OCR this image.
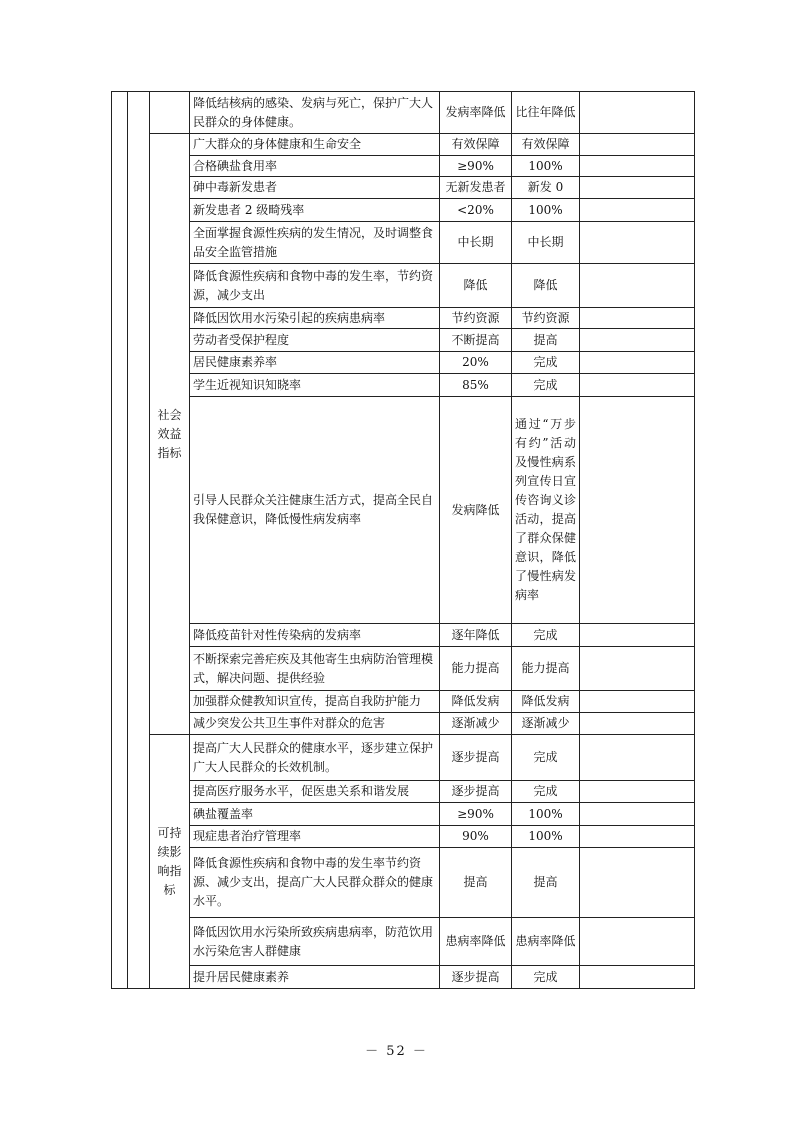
			降低结核病的感染、发病与死亡，保护广大人民群众的身体健康。	发病率降低	比往年降低	

		社会效益指标	广大群众的身体健康和生命安全	有效保障	有效保障	
			合格碘盐食用率	≥90%	100%	
			砷中毒新发患者	无新发患者	新发 0	
			新发患者 2 级畸残率	<20%	100%	
			全面掌握食源性疾病的发生情况，及时调整食品安全监管措施	中长期	中长期	
			降低食源性疾病和食物中毒的发生率，节约资源，减少支出	降低	降低	
			降低因饮用水污染引起的疾病患病率	节约资源	节约资源	
			劳动者受保护程度	不断提高	提高	
			居民健康素养率	20%	完成	
			学生近视知识知晓率	85%	完成	
			引导人民群众关注健康生活方式，提高全民自我保健意识，降低慢性病发病率	发病降低	通过“万步有约”活动及慢性病系列宣传日宣传咨询义诊活动，提高了群众保健意识，降低了慢性病发病率	
			降低疫苗针对性传染病的发病率	逐年降低	完成	
			不断探索完善疟疾及其他寄生虫病防治管理模式，解决问题、提供经验	能力提高	能力提高	
			加强群众健教知识宣传，提高自我防护能力	降低发病	降低发病	
			减少突发公共卫生事件对群众的危害	逐渐减少	逐渐减少	

		可持续影响指标	提高广大人民群众的健康水平，逐步建立保护广大人民群众的长效机制。	逐步提高	完成	
			提高医疗服务水平，促医患关系和谐发展	逐步提高	完成	
			碘盐覆盖率	≥90%	100%	
			现症患者治疗管理率	90%	100%	
			降低食源性疾病和食物中毒的发生率节约资源、减少支出，提高广大人民群众群众的健康水平。	提高	提高	
			降低因饮用水污染所致疾病患病率，防范饮用水污染危害人群健康	患病率降低	患病率降低	
			提升居民健康素养	逐步提高	完成	
－ 52 －
